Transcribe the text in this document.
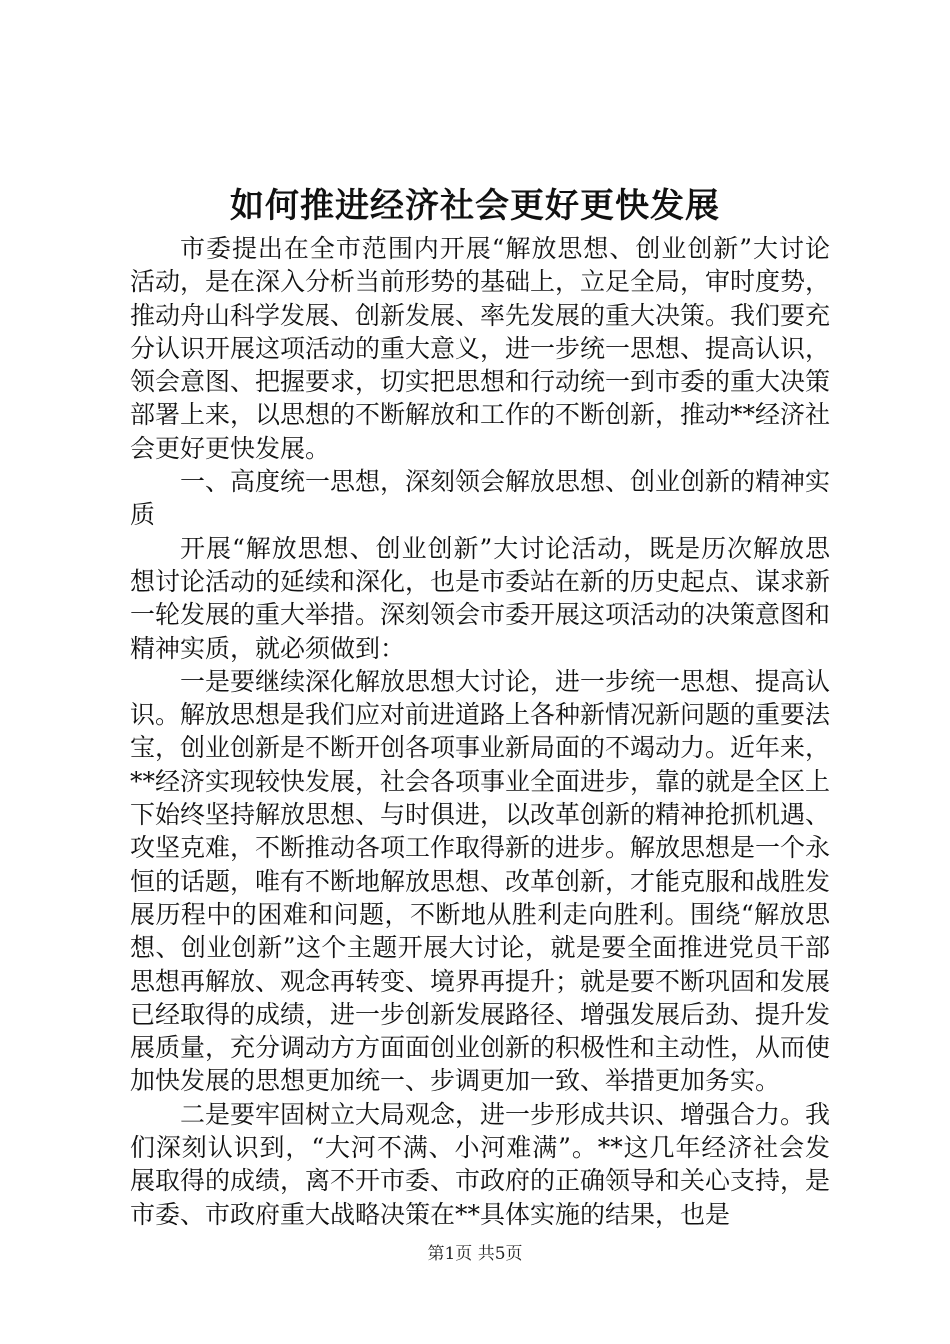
如何推进经济社会更好更快发展

市委提出在全市范围内开展“解放思想、创业创新”大讨论活动，是在深入分析当前形势的基础上，立足全局，审时度势，推动舟山科学发展、创新发展、率先发展的重大决策。我们要充分认识开展这项活动的重大意义，进一步统一思想、提高认识，领会意图、把握要求，切实把思想和行动统一到市委的重大决策部署上来，以思想的不断解放和工作的不断创新，推动**经济社会更好更快发展。

一、高度统一思想，深刻领会解放思想、创业创新的精神实质

开展“解放思想、创业创新”大讨论活动，既是历次解放思想讨论活动的延续和深化，也是市委站在新的历史起点、谋求新一轮发展的重大举措。深刻领会市委开展这项活动的决策意图和精神实质，就必须做到：

一是要继续深化解放思想大讨论，进一步统一思想、提高认识。解放思想是我们应对前进道路上各种新情况新问题的重要法宝，创业创新是不断开创各项事业新局面的不竭动力。近年来，**经济实现较快发展，社会各项事业全面进步，靠的就是全区上下始终坚持解放思想、与时俱进，以改革创新的精神抢抓机遇、攻坚克难，不断推动各项工作取得新的进步。解放思想是一个永恒的话题，唯有不断地解放思想、改革创新，才能克服和战胜发展历程中的困难和问题，不断地从胜利走向胜利。围绕“解放思想、创业创新”这个主题开展大讨论，就是要全面推进党员干部思想再解放、观念再转变、境界再提升；就是要不断巩固和发展已经取得的成绩，进一步创新发展路径、增强发展后劲、提升发展质量，充分调动方方面面创业创新的积极性和主动性，从而使加快发展的思想更加统一、步调更加一致、举措更加务实。

二是要牢固树立大局观念，进一步形成共识、增强合力。我们深刻认识到，“大河不满、小河难满”。**这几年经济社会发展取得的成绩，离不开市委、市政府的正确领导和关心支持，是市委、市政府重大战略决策在**具体实施的结果，也是

第1页 共5页
